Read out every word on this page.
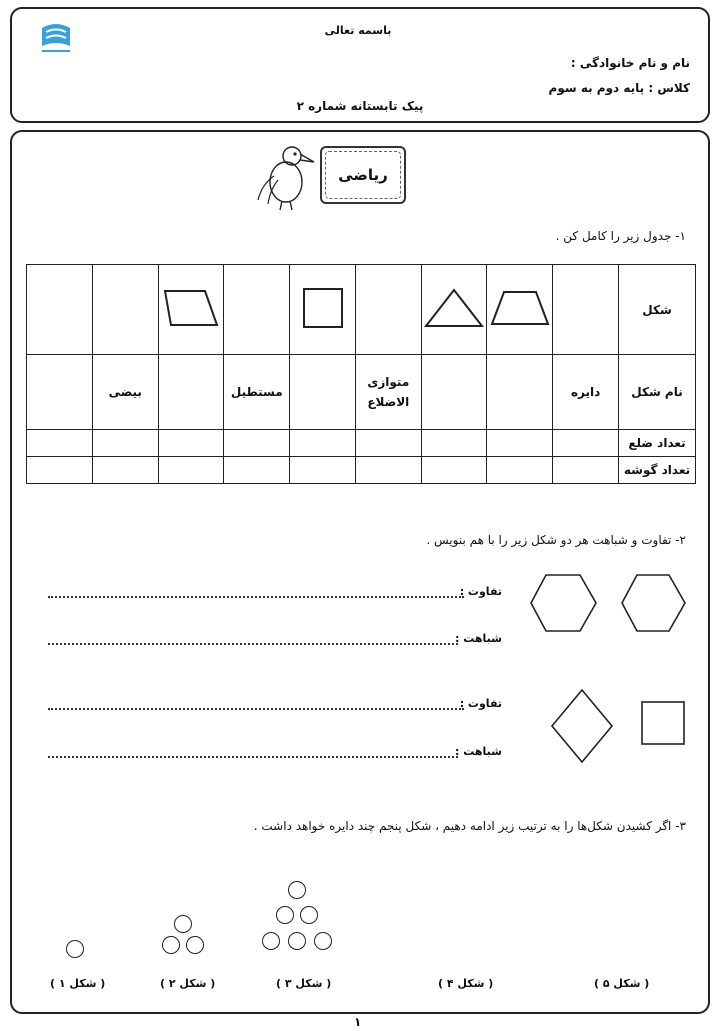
باسمه تعالی
نام و نام خانوادگی :
کلاس : پایه دوم به سوم
پیک تابستانه شماره ۲
ریاضی
۱- جدول زیر را کامل کن .
شکل									
نام شکل	دایره			متوازی الاضلاع		مستطیل		بیضی	
تعداد ضلع									
تعداد گوشه									
۲- تفاوت و شباهت هر دو شکل زیر را با هم بنویس .
تفاوت :
شباهت :
تفاوت :
شباهت :
۳- اگر کشیدن شکل‌ها را به ترتیب زیر ادامه دهیم ، شکل پنجم چند دایره خواهد داشت .
( شکل ۱ )	( شکل ۲ )	( شکل ۳ )	( شکل ۴ )	( شکل ۵ )
۱
